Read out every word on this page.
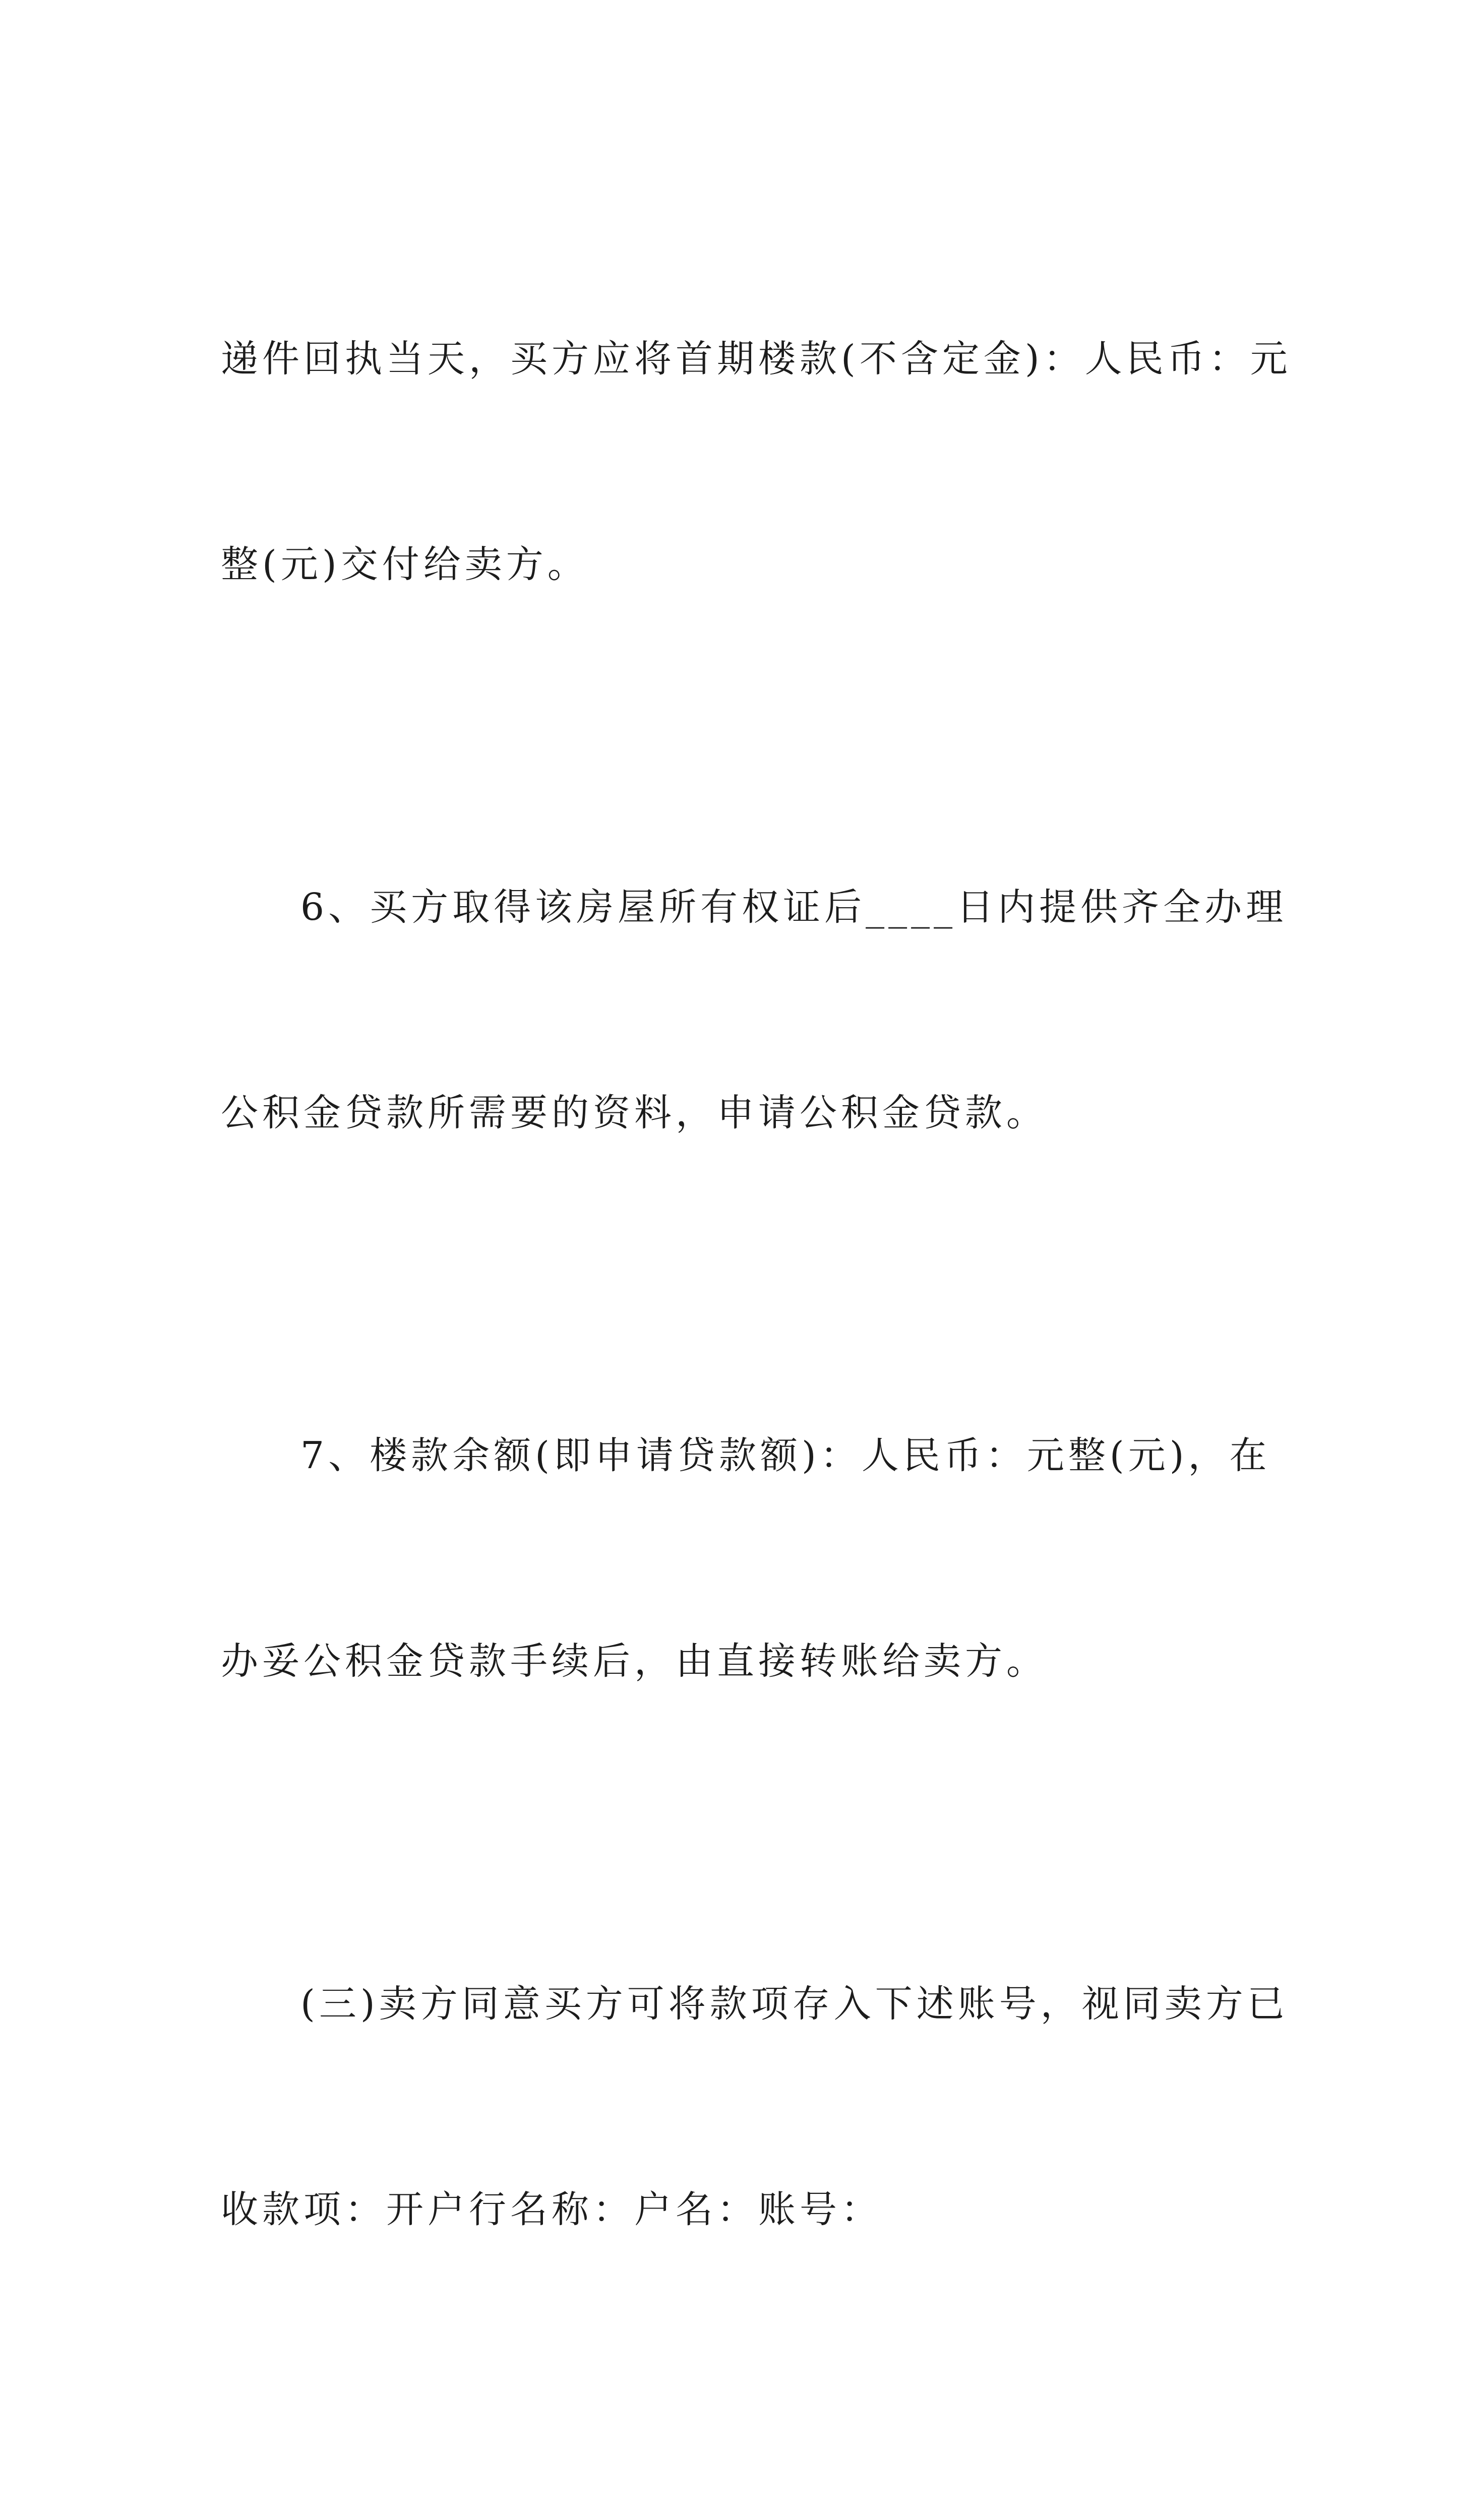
递件回执当天，买方应将首期楼款(不含定金)：人民币：元

整(元)交付给卖方。

6、买方取得该房屋所有权证后____日内提供齐全办理

公积金贷款所需要的资料，申请公积金贷款。

7、楼款余额(即申请贷款额)：人民币：元整(元)，在

办妥公积金贷款手续后，由直接转账给卖方。

(三)卖方同意买方可将款项存入下述账号，视同卖方已

收款项：开户行名称：户名：账号：
